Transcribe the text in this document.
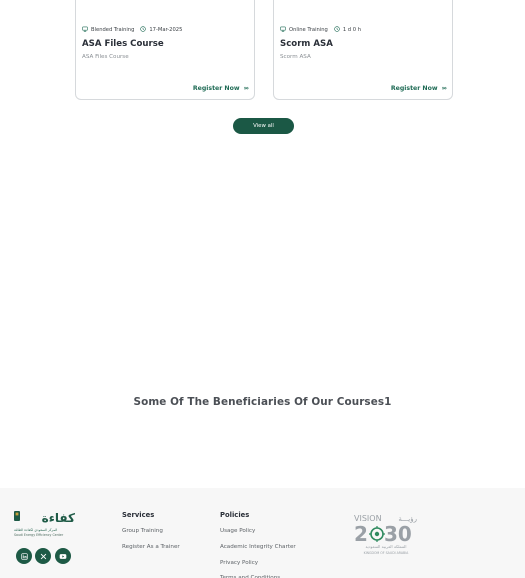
Blended Training	17-Mar-2025
ASA Files Course
ASA Files Course
Register Now ›››
Online Training	1 d 0 h
Scorm ASA
Scorm ASA
Register Now ›››
View all
Some Of The Beneficiaries Of Our Courses1
كفاءة
المركز السعودي لكفاءة الطاقة
Saudi Energy Efficiency Center
Services
Group Training
Register As a Trainer
Policies
Usage Policy
Academic Integrity Charter
Privacy Policy
Terms and Conditions
VISION رؤيـــة
2 30
المملكة العربية السعودية
KINGDOM OF SAUDI ARABIA
